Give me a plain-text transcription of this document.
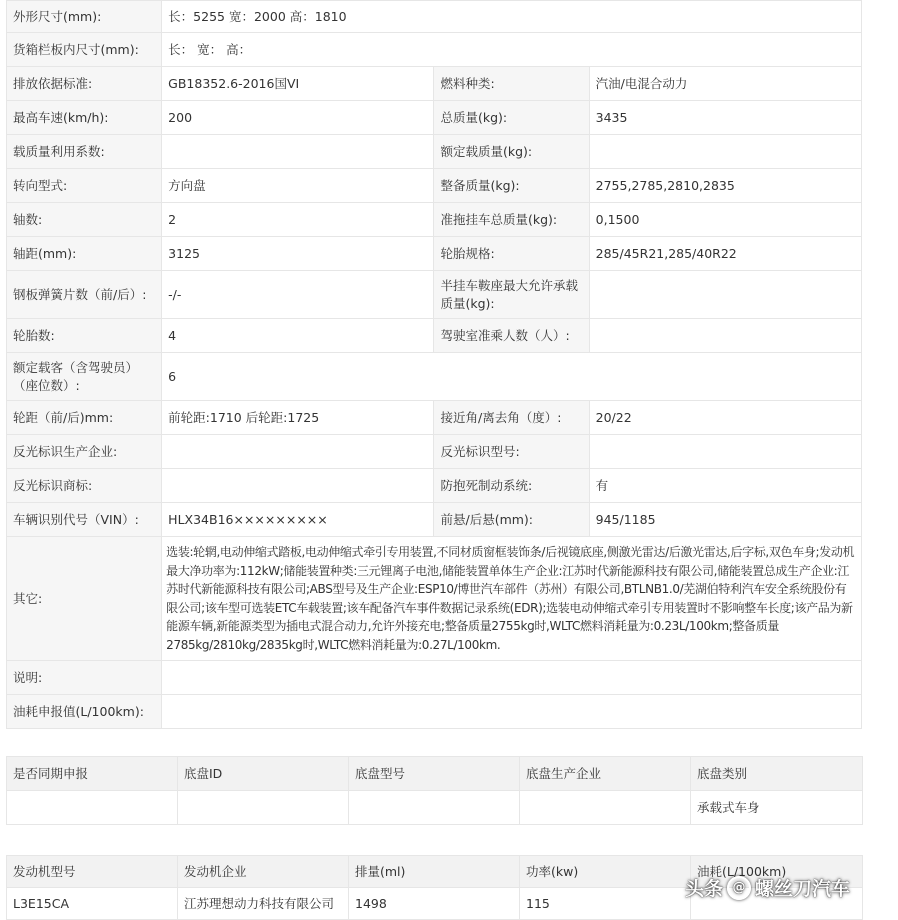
外形尺寸(mm):	长：5255 宽：2000 高：1810		
货箱栏板内尺寸(mm):	长： 宽： 高：		
排放依据标准:	GB18352.6-2016国VI	燃料种类:	汽油/电混合动力
最高车速(km/h):	200	总质量(kg):	3435
载质量利用系数:		额定载质量(kg):	
转向型式:	方向盘	整备质量(kg):	2755,2785,2810,2835
轴数:	2	准拖挂车总质量(kg):	0,1500
轴距(mm):	3125	轮胎规格:	285/45R21,285/40R22
钢板弹簧片数（前/后）:	-/-	半挂车鞍座最大允许承载质量(kg):	
轮胎数:	4	驾驶室准乘人数（人）:	
额定载客（含驾驶员）（座位数）:	6		
轮距（前/后)mm:	前轮距:1710 后轮距:1725	接近角/离去角（度）:	20/22
反光标识生产企业:		反光标识型号:	
反光标识商标:		防抱死制动系统:	有
车辆识别代号（VIN）:	HLX34B16×××××××××	前悬/后悬(mm):	945/1185
其它:	选装:轮辋,电动伸缩式踏板,电动伸缩式牵引专用装置,不同材质窗框装饰条/后视镜底座,侧激光雷达/后激光雷达,后字标,双色车身;发动机最大净功率为:112kW;储能装置种类:三元锂离子电池,储能装置单体生产企业:江苏时代新能源科技有限公司,储能装置总成生产企业:江苏时代新能源科技有限公司;ABS型号及生产企业:ESP10/博世汽车部件（苏州）有限公司,BTLNB1.0/芜湖伯特利汽车安全系统股份有限公司;该车型可选装ETC车载装置;该车配备汽车事件数据记录系统(EDR);选装电动伸缩式牵引专用装置时不影响整车长度;该产品为新能源车辆,新能源类型为插电式混合动力,允许外接充电;整备质量2755kg时,WLTC燃料消耗量为:0.23L/100km;整备质量2785kg/2810kg/2835kg时,WLTC燃料消耗量为:0.27L/100km.		
说明:			
油耗申报值(L/100km):			
是否同期申报	底盘ID	底盘型号	底盘生产企业	底盘类别
				承载式车身
发动机型号	发动机企业	排量(ml)	功率(kw)	油耗(L/100km)
L3E15CA	江苏理想动力科技有限公司	1498	115	
头条 @ 螺丝刀汽车
